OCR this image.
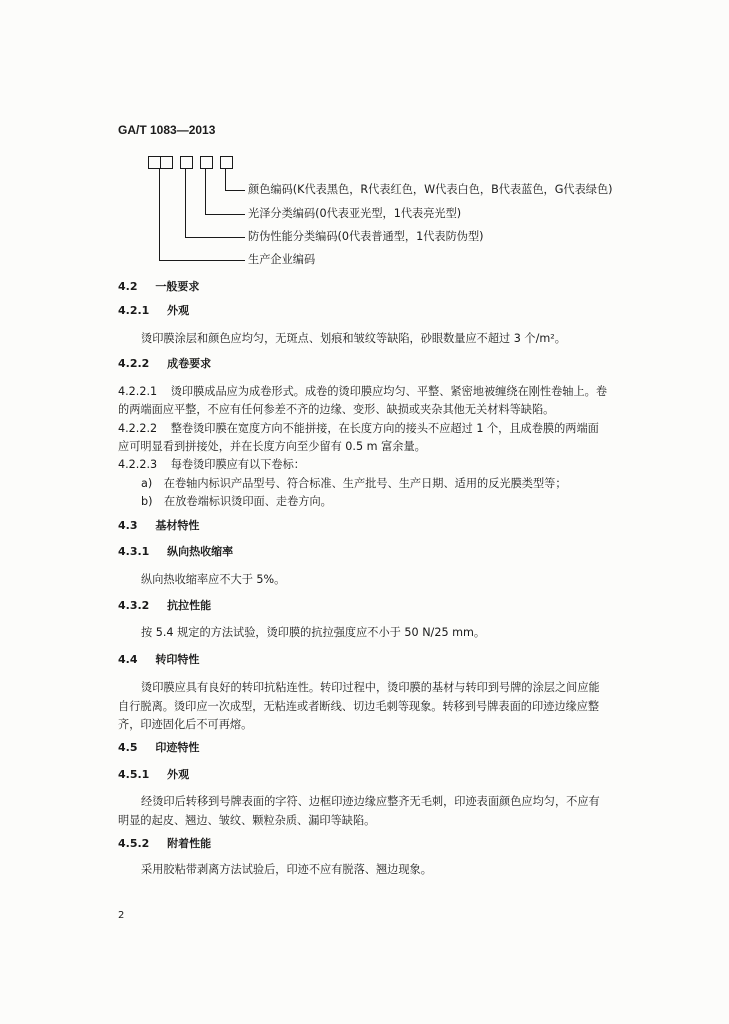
GA/T 1083—2013
颜色编码(K代表黑色，R代表红色，W代表白色，B代表蓝色，G代表绿色)
光泽分类编码(0代表亚光型，1代表亮光型)
防伪性能分类编码(0代表普通型，1代表防伪型)
生产企业编码
4.2 一般要求
4.2.1 外观
烫印膜涂层和颜色应均匀，无斑点、划痕和皱纹等缺陷，砂眼数量应不超过 3 个/m²。
4.2.2 成卷要求
4.2.2.1 烫印膜成品应为成卷形式。成卷的烫印膜应均匀、平整、紧密地被缠绕在刚性卷轴上。卷的两端面应平整，不应有任何参差不齐的边缘、变形、缺损或夹杂其他无关材料等缺陷。
4.2.2.2 整卷烫印膜在宽度方向不能拼接，在长度方向的接头不应超过 1 个，且成卷膜的两端面应可明显看到拼接处，并在长度方向至少留有 0.5 m 富余量。
4.2.2.3 每卷烫印膜应有以下卷标：
a) 在卷轴内标识产品型号、符合标准、生产批号、生产日期、适用的反光膜类型等；
b) 在放卷端标识烫印面、走卷方向。
4.3 基材特性
4.3.1 纵向热收缩率
纵向热收缩率应不大于 5%。
4.3.2 抗拉性能
按 5.4 规定的方法试验，烫印膜的抗拉强度应不小于 50 N/25 mm。
4.4 转印特性
烫印膜应具有良好的转印抗粘连性。转印过程中，烫印膜的基材与转印到号牌的涂层之间应能自行脱离。烫印应一次成型，无粘连或者断线、切边毛刺等现象。转移到号牌表面的印迹边缘应整齐，印迹固化后不可再熔。
4.5 印迹特性
4.5.1 外观
经烫印后转移到号牌表面的字符、边框印迹边缘应整齐无毛刺，印迹表面颜色应均匀，不应有明显的起皮、翘边、皱纹、颗粒杂质、漏印等缺陷。
4.5.2 附着性能
采用胶粘带剥离方法试验后，印迹不应有脱落、翘边现象。
2
